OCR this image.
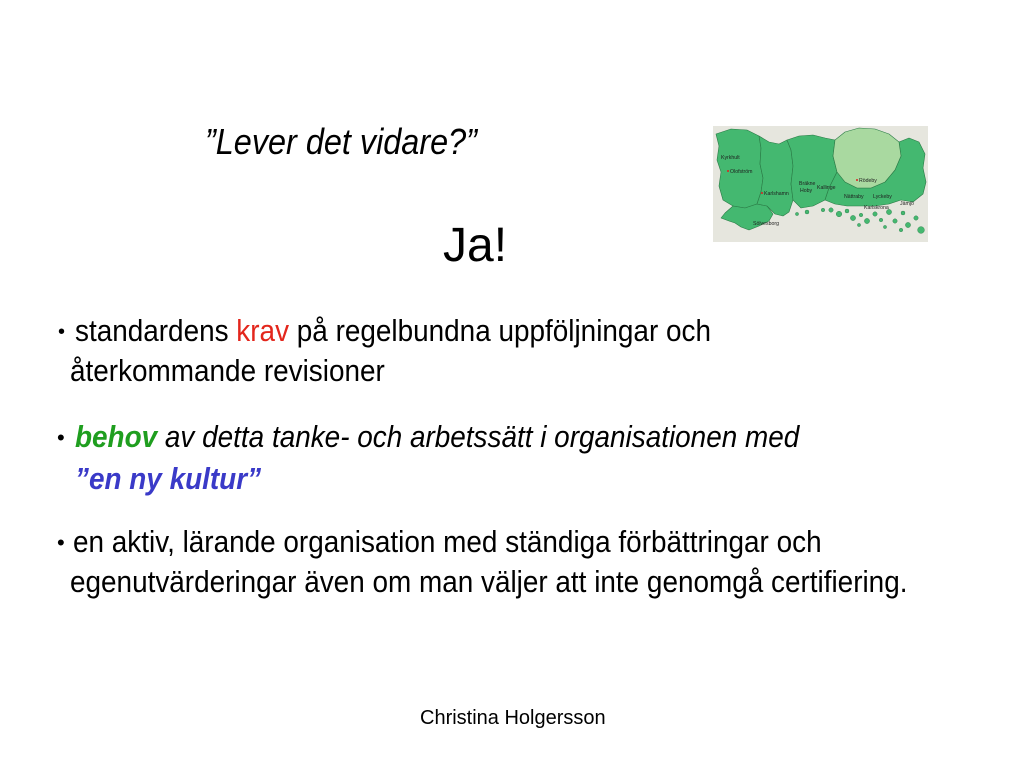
”Lever det vidare?”
Ja!
Kyrkhult
Olofström
Karlshamn
Bräkne
Hoby Kallinge
Rödeby
Nättraby Lyckeby
Karlskrona
Jämjö
Sölvesborg
• standardens krav på regelbundna uppföljningar och
återkommande revisioner
• behov av detta tanke- och arbetssätt i organisationen med
”en ny kultur”
• en aktiv, lärande organisation med ständiga förbättringar och
egenutvärderingar även om man väljer att inte genomgå certifiering.
Christina Holgersson
